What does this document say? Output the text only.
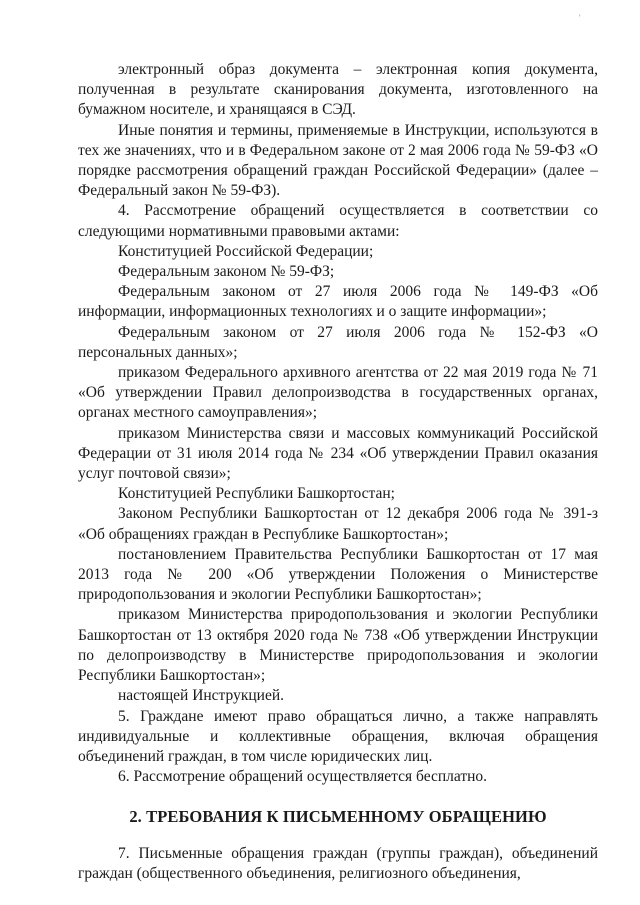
'

электронный образ документа – электронная копия документа, полученная в результате сканирования документа, изготовленного на бумажном носителе, и хранящаяся в СЭД.

Иные понятия и термины, применяемые в Инструкции, используются в тех же значениях, что и в Федеральном законе от 2 мая 2006 года № 59-ФЗ «О порядке рассмотрения обращений граждан Российской Федерации» (далее – Федеральный закон № 59-ФЗ).

4. Рассмотрение обращений осуществляется в соответствии со следующими нормативными правовыми актами:

Конституцией Российской Федерации;

Федеральным законом № 59-ФЗ;

Федеральным законом от 27 июля 2006 года № 149-ФЗ «Об информации, информационных технологиях и о защите информации»;

Федеральным законом от 27 июля 2006 года № 152-ФЗ «О персональных данных»;

приказом Федерального архивного агентства от 22 мая 2019 года № 71 «Об утверждении Правил делопроизводства в государственных органах, органах местного самоуправления»;

приказом Министерства связи и массовых коммуникаций Российской Федерации от 31 июля 2014 года № 234 «Об утверждении Правил оказания услуг почтовой связи»;

Конституцией Республики Башкортостан;

Законом Республики Башкортостан от 12 декабря 2006 года № 391-з «Об обращениях граждан в Республике Башкортостан»;

постановлением Правительства Республики Башкортостан от 17 мая 2013 года № 200 «Об утверждении Положения о Министерстве природопользования и экологии Республики Башкортостан»;

приказом Министерства природопользования и экологии Республики Башкортостан от 13 октября 2020 года № 738 «Об утверждении Инструкции по делопроизводству в Министерстве природопользования и экологии Республики Башкортостан»;

настоящей Инструкцией.

5. Граждане имеют право обращаться лично, а также направлять индивидуальные и коллективные обращения, включая обращения объединений граждан, в том числе юридических лиц.

6. Рассмотрение обращений осуществляется бесплатно.

2. ТРЕБОВАНИЯ К ПИСЬМЕННОМУ ОБРАЩЕНИЮ

7. Письменные обращения граждан (группы граждан), объединений граждан (общественного объединения, религиозного объединения,
